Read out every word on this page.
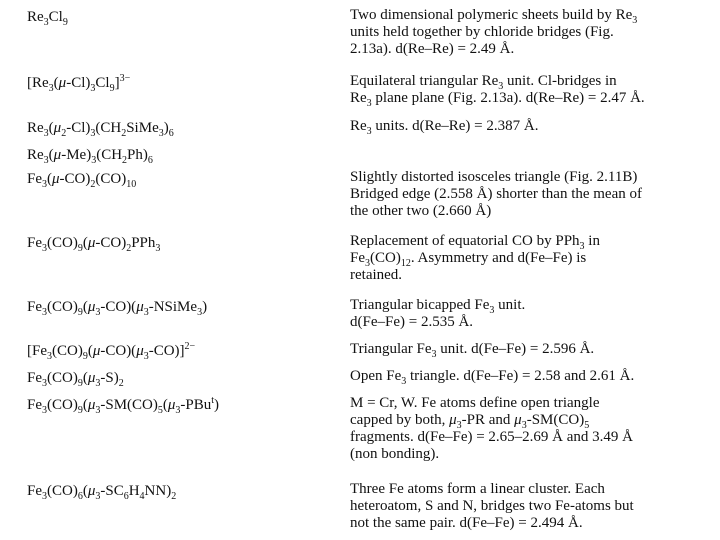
$Re_3Cl_9$	Two dimensional polymeric sheets build by $Re_3$
units held together by chloride bridges (Fig.
2.13a). d(Re–Re) = 2.49 Å.
$[Re_3(\mu-Cl)_3Cl_9]^{3-}$	Equilateral triangular $Re_3$ unit. Cl-bridges in
$Re_3$ plane plane (Fig. 2.13a). d(Re–Re) = 2.47 Å.
$Re_3(\mu_2-Cl)_3(CH_2SiMe_3)_6$	$Re_3$ units. d(Re–Re) = 2.387 Å.
$Re_3(\mu-Me)_3(CH_2Ph)_6$
$Fe_3(\mu-CO)_2(CO)_{10}$	Slightly distorted isosceles triangle (Fig. 2.11B)
Bridged edge (2.558 Å) shorter than the mean of
the other two (2.660 Å)
$Fe_3(CO)_9(\mu-CO)_2PPh_3$	Replacement of equatorial CO by PPh$_3$ in
$Fe_3(CO)_{12}$. Asymmetry and d(Fe–Fe) is
retained.
$Fe_3(CO)_9(\mu_3-CO)(\mu_3-NSiMe_3)$	Triangular bicapped $Fe_3$ unit.
d(Fe–Fe) = 2.535 Å.
$[Fe_3(CO)_9(\mu-CO)(\mu_3-CO)]^{2-}$	Triangular $Fe_3$ unit. d(Fe–Fe) = 2.596 Å.
$Fe_3(CO)_9(\mu_3-S)_2$	Open $Fe_3$ triangle. d(Fe–Fe) = 2.58 and 2.61 Å.
$Fe_3(CO)_9(\mu_3-SM(CO)_5(\mu_3-PBu^t)$	M = Cr, W. Fe atoms define open triangle
capped by both, $\mu_3-PR$ and $\mu_3-SM(CO)_5$
fragments. d(Fe–Fe) = 2.65–2.69 Å and 3.49 Å
(non bonding).
$Fe_3(CO)_6(\mu_3-SC_6H_4NN)_2$	Three Fe atoms form a linear cluster. Each
heteroatom, S and N, bridges two Fe-atoms but
not the same pair. d(Fe–Fe) = 2.494 Å.
